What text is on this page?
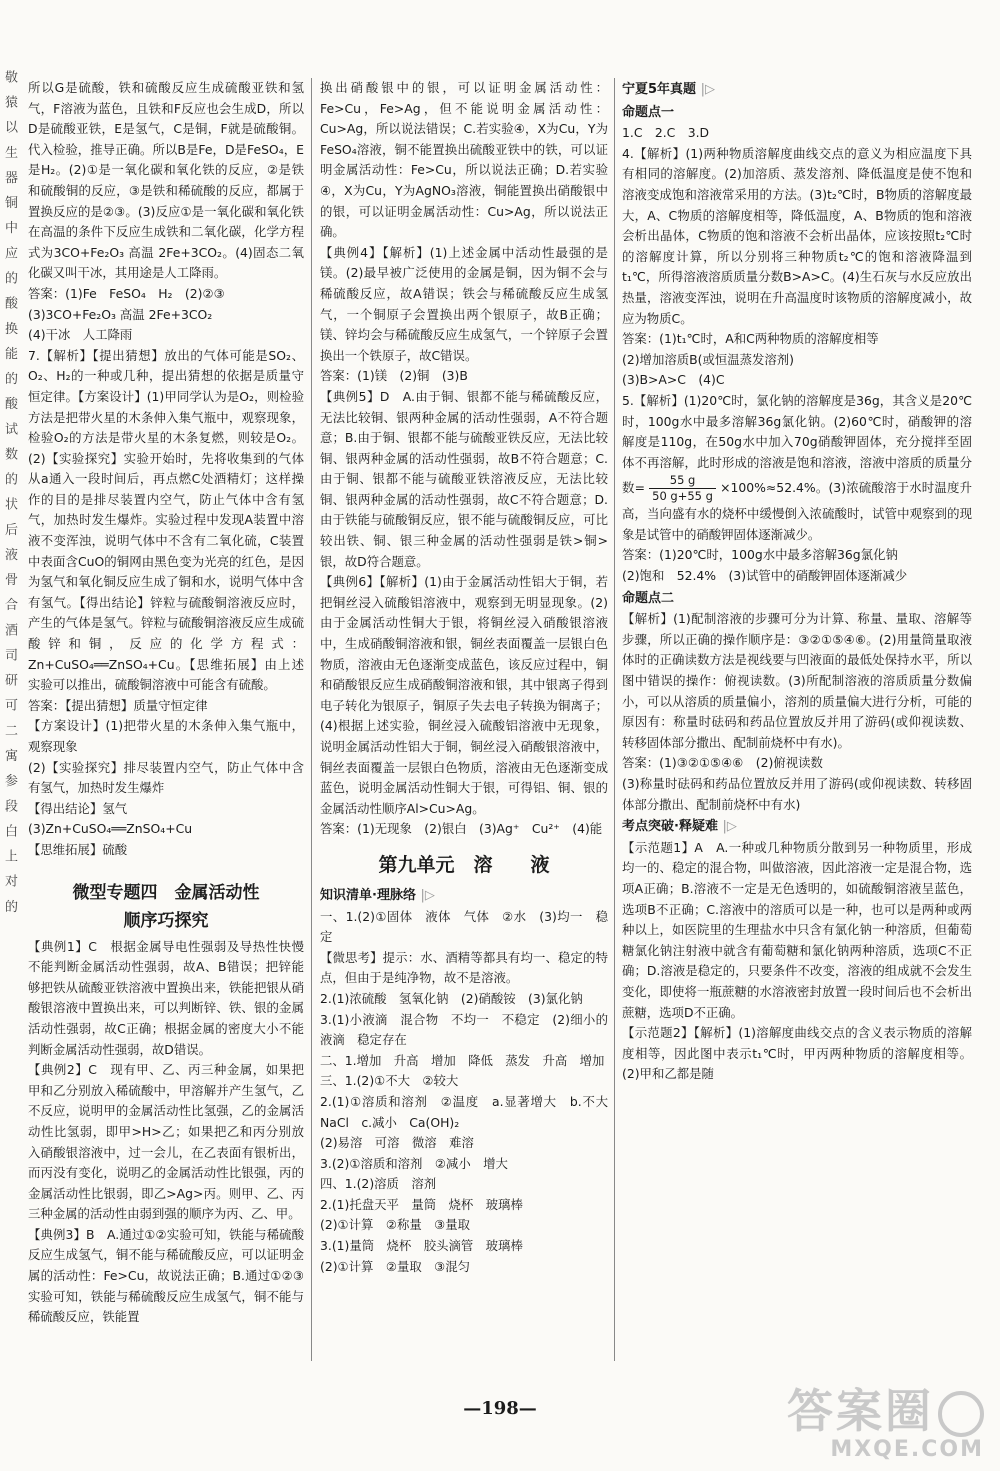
敬 猿 以 生 器 铜 中 应 的 酸 换 能 的 酸 试 数 的 状 后 液 骨 合 酒 司 研 可 二 寓 参 段 白 上 对 的 所以G是硫酸，铁和硫酸反应生成硫酸亚铁和氢气，F溶液为蓝色，且铁和F反应也会生成D，所以D是硫酸亚铁，E是氢气，C是铜，F就是硫酸铜。代入检验，推导正确。所以B是Fe，D是FeSO₄，E是H₂。(2)①是一氧化碳和氧化铁的反应，②是铁和硫酸铜的反应，③是铁和稀硫酸的反应，都属于置换反应的是②③。(3)反应①是一氧化碳和氧化铁在高温的条件下反应生成铁和二氧化碳，化学方程式为3CO+Fe₂O₃ 高温 2Fe+3CO₂。(4)固态二氧化碳又叫干冰，其用途是人工降雨。

答案：(1)Fe　FeSO₄　H₂　(2)②③

(3)3CO+Fe₂O₃ 高温 2Fe+3CO₂

(4)干冰　人工降雨

7.【解析】【提出猜想】放出的气体可能是SO₂、O₂、H₂的一种或几种，提出猜想的依据是质量守恒定律。【方案设计】(1)甲同学认为是O₂，则检验方法是把带火星的木条伸入集气瓶中，观察现象，检验O₂的方法是带火星的木条复燃，则较是O₂。(2)【实验探究】实验开始时，先将收集到的气体从a通入一段时间后，再点燃C处酒精灯；这样操作的目的是排尽装置内空气，防止气体中含有氢气，加热时发生爆炸。实验过程中发现A装置中溶液不变浑浊，说明气体中不含有二氧化硫，C装置中表面含CuO的铜网由黑色变为光亮的红色，是因为氢气和氧化铜反应生成了铜和水，说明气体中含有氢气。【得出结论】锌粒与硫酸铜溶液反应时，产生的气体是氢气。锌粒与硫酸铜溶液反应生成硫酸锌和铜，反应的化学方程式：Zn+CuSO₄══ZnSO₄+Cu。【思维拓展】由上述实验可以推出，硫酸铜溶液中可能含有硫酸。

答案：【提出猜想】质量守恒定律

【方案设计】(1)把带火星的木条伸入集气瓶中，观察现象

(2)【实验探究】排尽装置内空气，防止气体中含有氢气，加热时发生爆炸

【得出结论】氢气

(3)Zn+CuSO₄══ZnSO₄+Cu

【思维拓展】硫酸

微型专题四　金属活动性
顺序巧探究

【典例1】C　根据金属导电性强弱及导热性快慢不能判断金属活动性强弱，故A、B错误；把锌能够把铁从硫酸亚铁溶液中置换出来，铁能把银从硝酸银溶液中置换出来，可以判断锌、铁、银的金属活动性强弱，故C正确；根据金属的密度大小不能判断金属活动性强弱，故D错误。

【典例2】C　现有甲、乙、丙三种金属，如果把甲和乙分别放入稀硫酸中，甲溶解并产生氢气，乙不反应，说明甲的金属活动性比氢强，乙的金属活动性比氢弱，即甲>H>乙；如果把乙和丙分别放入硝酸银溶液中，过一会儿，在乙表面有银析出，而丙没有变化，说明乙的金属活动性比银强，丙的金属活动性比银弱，即乙>Ag>丙。则甲、乙、丙三种金属的活动性由弱到强的顺序为丙、乙、甲。

【典例3】B　A.通过①②实验可知，铁能与稀硫酸反应生成氢气，铜不能与稀硫酸反应，可以证明金属的活动性：Fe>Cu，故说法正确；B.通过①②③实验可知，铁能与稀硫酸反应生成氢气，铜不能与稀硫酸反应，铁能置

换出硝酸银中的银，可以证明金属活动性：Fe>Cu，Fe>Ag，但不能说明金属活动性：Cu>Ag，所以说法错误；C.若实验④，X为Cu，Y为FeSO₄溶液，铜不能置换出硫酸亚铁中的铁，可以证明金属活动性：Fe>Cu，所以说法正确；D.若实验④，X为Cu，Y为AgNO₃溶液，铜能置换出硝酸银中的银，可以证明金属活动性：Cu>Ag，所以说法正确。

【典例4】【解析】(1)上述金属中活动性最强的是镁。(2)最早被广泛使用的金属是铜，因为铜不会与稀硫酸反应，故A错误；铁会与稀硫酸反应生成氢气，一个铜原子会置换出两个银原子，故B正确；镁、锌均会与稀硫酸反应生成氢气，一个锌原子会置换出一个铁原子，故C错误。

答案：(1)镁　(2)铜　(3)B

【典例5】D　A.由于铜、银都不能与稀硫酸反应，无法比较铜、银两种金属的活动性强弱，A不符合题意；B.由于铜、银都不能与硫酸亚铁反应，无法比较铜、银两种金属的活动性强弱，故B不符合题意；C.由于铜、银都不能与硫酸亚铁溶液反应，无法比较铜、银两种金属的活动性强弱，故C不符合题意；D.由于铁能与硫酸铜反应，银不能与硫酸铜反应，可比较出铁、铜、银三种金属的活动性强弱是铁>铜>银，故D符合题意。

【典例6】【解析】(1)由于金属活动性铝大于铜，若把铜丝浸入硫酸铝溶液中，观察到无明显现象。(2)由于金属活动性铜大于银，将铜丝浸入硝酸银溶液中，生成硝酸铜溶液和银，铜丝表面覆盖一层银白色物质，溶液由无色逐渐变成蓝色，该反应过程中，铜和硝酸银反应生成硝酸铜溶液和银，其中银离子得到电子转化为银原子，铜原子失去电子转换为铜离子；(4)根据上述实验，铜丝浸入硫酸铝溶液中无现象，说明金属活动性铝大于铜，铜丝浸入硝酸银溶液中，铜丝表面覆盖一层银白色物质，溶液由无色逐渐变成蓝色，说明金属活动性铜大于银，可得铝、铜、银的金属活动性顺序Al>Cu>Ag。

答案：(1)无现象　(2)银白　(3)Ag⁺　Cu²⁺　(4)能

第九单元　溶　　液
知识清单·理脉络 |▷

一、1.(2)①固体　液体　气体　②水　(3)均一　稳定

【微思考】提示：水、酒精等都具有均一、稳定的特点，但由于是纯净物，故不是溶液。

2.(1)浓硫酸　氢氧化钠　(2)硝酸铵　(3)氯化钠

3.(1)小液滴　混合物　不均一　不稳定　(2)细小的液滴　稳定存在

二、1.增加　升高　增加　降低　蒸发　升高　增加

三、1.(2)①不大　②较大

2.(1)①溶质和溶剂　②温度　a.显著增大　b.不大　NaCl　c.减小　Ca(OH)₂

(2)易溶　可溶　微溶　难溶

3.(2)①溶质和溶剂　②减小　增大

四、1.(2)溶质　溶剂

2.(1)托盘天平　量筒　烧杯　玻璃棒

(2)①计算　②称量　③量取

3.(1)量筒　烧杯　胶头滴管　玻璃棒

(2)①计算　②量取　③混匀

宁夏5年真题 |▷
命题点一

1.C　2.C　3.D

4.【解析】(1)两种物质溶解度曲线交点的意义为相应温度下具有相同的溶解度。(2)加溶质、蒸发溶剂、降低温度是使不饱和溶液变成饱和溶液常采用的方法。(3)t₂℃时，B物质的溶解度最大，A、C物质的溶解度相等，降低温度，A、B物质的饱和溶液会析出晶体，C物质的饱和溶液不会析出晶体，应该按照t₂℃时的溶解度计算，所以分别将三种物质t₂℃的饱和溶液降温到t₁℃，所得溶液溶质质量分数B>A>C。(4)生石灰与水反应放出热量，溶液变浑浊，说明在升高温度时该物质的溶解度减小，故应为物质C。

答案：(1)t₁℃时，A和C两种物质的溶解度相等

(2)增加溶质B(或恒温蒸发溶剂)

(3)B>A>C　(4)C

5.【解析】(1)20℃时，氯化钠的溶解度是36g，其含义是20℃时，100g水中最多溶解36g氯化钠。(2)60℃时，硝酸钾的溶解度是110g，在50g水中加入70g硝酸钾固体，充分搅拌至固体不再溶解，此时形成的溶液是饱和溶液，溶液中溶质的质量分数= $\frac{55 g}{50 g+55 g} \times 100\%\approx 52.4\%$。(3)浓硫酸溶于水时温度升高，当向盛有水的烧杯中缓慢倒入浓硫酸时，试管中观察到的现象是试管中的硝酸钾固体逐渐减少。

答案：(1)20℃时，100g水中最多溶解36g氯化钠

(2)饱和　52.4%　(3)试管中的硝酸钾固体逐渐减少

命题点二

【解析】(1)配制溶液的步骤可分为计算、称量、量取、溶解等步骤，所以正确的操作顺序是：③②①⑤④⑥。(2)用量筒量取液体时的正确读数方法是视线要与凹液面的最低处保持水平，所以图中错误的操作：俯视读数。(3)所配制溶液的溶质质量分数偏小，可以从溶质的质量偏小，溶剂的质量偏大进行分析，可能的原因有：称量时砝码和药品位置放反并用了游码(或仰视读数、转移固体部分撒出、配制前烧杯中有水)。

答案：(1)③②①⑤④⑥　(2)俯视读数

(3)称量时砝码和药品位置放反并用了游码(或仰视读数、转移固体部分撒出、配制前烧杯中有水)

考点突破·释疑难 |▷

【示范题1】A　A.一种或几种物质分散到另一种物质里，形成均一的、稳定的混合物，叫做溶液，因此溶液一定是混合物，选项A正确；B.溶液不一定是无色透明的，如硫酸铜溶液呈蓝色，选项B不正确；C.溶液中的溶质可以是一种，也可以是两种或两种以上，如医院里的生理盐水中只含有氯化钠一种溶质，但葡萄糖氯化钠注射液中就含有葡萄糖和氯化钠两种溶质，选项C不正确；D.溶液是稳定的，只要条件不改变，溶液的组成就不会发生变化，即使将一瓶蔗糖的水溶液密封放置一段时间后也不会析出蔗糖，选项D不正确。

【示范题2】【解析】(1)溶解度曲线交点的含义表示物质的溶解度相等，因此图中表示t₁℃时，甲丙两种物质的溶解度相等。(2)甲和乙都是随

—198—	答案圈
MXQE.COM
